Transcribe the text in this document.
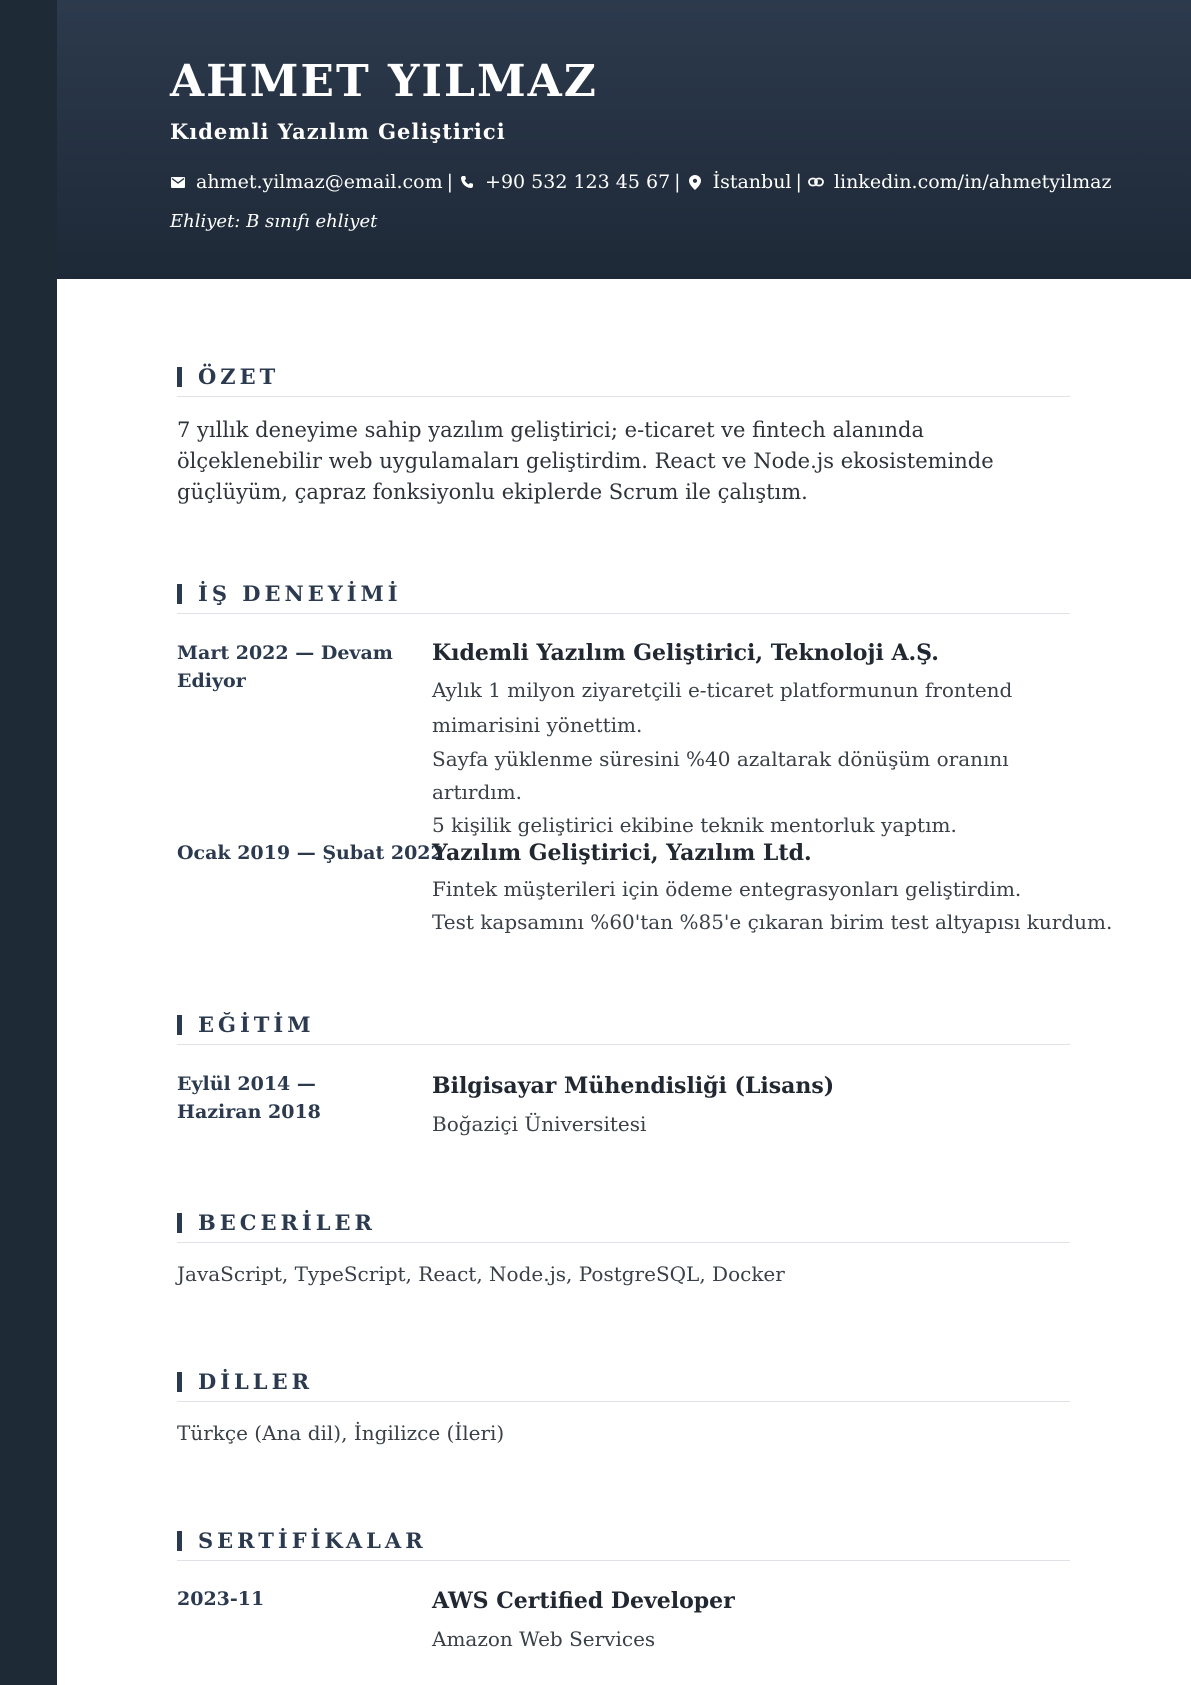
AHMET YILMAZ
Kıdemli Yazılım Geliştirici
ahmet.yilmaz@email.com | +90 532 123 45 67 | İstanbul | linkedin.com/in/ahmetyilmaz
Ehliyet: B sınıfı ehliyet
ÖZET
7 yıllık deneyime sahip yazılım geliştirici; e-ticaret ve fintech alanında ölçeklenebilir web uygulamaları geliştirdim. React ve Node.js ekosisteminde güçlüyüm, çapraz fonksiyonlu ekiplerde Scrum ile çalıştım.
İŞ DENEYİMİ
Mart 2022 — Devam Ediyor
Kıdemli Yazılım Geliştirici, Teknoloji A.Ş.
Aylık 1 milyon ziyaretçili e-ticaret platformunun frontend mimarisini yönettim.
Sayfa yüklenme süresini %40 azaltarak dönüşüm oranını artırdım.
5 kişilik geliştirici ekibine teknik mentorluk yaptım.
Ocak 2019 — Şubat 2022
Yazılım Geliştirici, Yazılım Ltd.
Fintek müşterileri için ödeme entegrasyonları geliştirdim.
Test kapsamını %60'tan %85'e çıkaran birim test altyapısı kurdum.
EĞİTİM
Eylül 2014 — Haziran 2018
Bilgisayar Mühendisliği (Lisans)
Boğaziçi Üniversitesi
BECERİLER
JavaScript, TypeScript, React, Node.js, PostgreSQL, Docker
DİLLER
Türkçe (Ana dil), İngilizce (İleri)
SERTİFİKALAR
2023-11	AWS Certified Developer
Amazon Web Services
